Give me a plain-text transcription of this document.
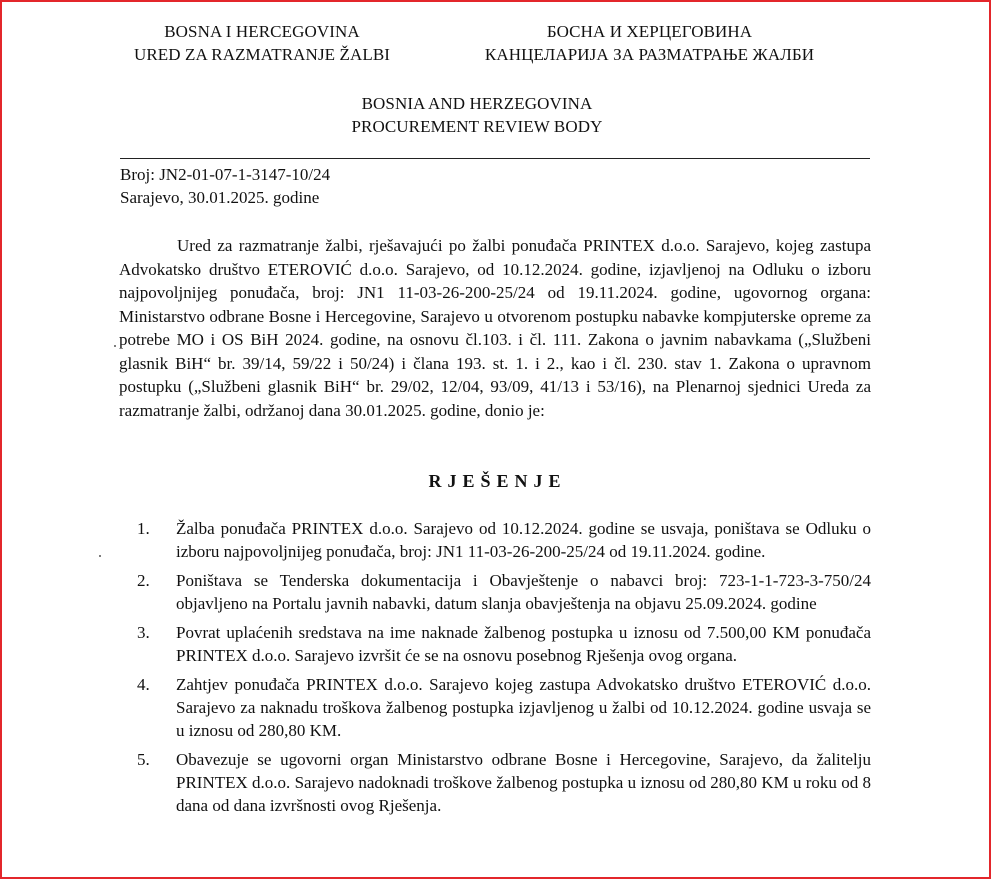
BOSNA I HERCEGOVINA
URED ZA RAZMATRANJE ŽALBI
БОСНА И ХЕРЦЕГОВИНА
КАНЦЕЛАРИЈА ЗА РАЗМАТРАЊЕ ЖАЛБИ
BOSNIA AND HERZEGOVINA
PROCUREMENT REVIEW BODY
Broj: JN2-01-07-1-3147-10/24
Sarajevo, 30.01.2025. godine
Ured za razmatranje žalbi, rješavajući po žalbi ponuđača PRINTEX d.o.o. Sarajevo, kojeg zastupa Advokatsko društvo ETEROVIĆ d.o.o. Sarajevo, od 10.12.2024. godine, izjavljenoj na Odluku o izboru najpovoljnijeg ponuđača, broj: JN1 11-03-26-200-25/24 od 19.11.2024. godine, ugovornog organa: Ministarstvo odbrane Bosne i Hercegovine, Sarajevo u otvorenom postupku nabavke kompjuterske opreme za potrebe MO i OS BiH 2024. godine, na osnovu čl.103. i čl. 111. Zakona o javnim nabavkama („Službeni glasnik BiH“ br. 39/14, 59/22 i 50/24) i člana 193. st. 1. i 2., kao i čl. 230. stav 1. Zakona o upravnom postupku („Službeni glasnik BiH“ br. 29/02, 12/04, 93/09, 41/13 i 53/16), na Plenarnoj sjednici Ureda za razmatranje žalbi, održanoj dana 30.01.2025. godine, donio je:
RJEŠENJE
1. Žalba ponuđača PRINTEX d.o.o. Sarajevo od 10.12.2024. godine se usvaja, poništava se Odluku o izboru najpovoljnijeg ponuđača, broj: JN1 11-03-26-200-25/24 od 19.11.2024. godine.
2. Poništava se Tenderska dokumentacija i Obavještenje o nabavci broj: 723-1-1-723-3-750/24 objavljeno na Portalu javnih nabavki, datum slanja obavještenja na objavu 25.09.2024. godine
3. Povrat uplaćenih sredstava na ime naknade žalbenog postupka u iznosu od 7.500,00 KM ponuđača PRINTEX d.o.o. Sarajevo izvršit će se na osnovu posebnog Rješenja ovog organa.
4. Zahtjev ponuđača PRINTEX d.o.o. Sarajevo kojeg zastupa Advokatsko društvo ETEROVIĆ d.o.o. Sarajevo za naknadu troškova žalbenog postupka izjavljenog u žalbi od 10.12.2024. godine usvaja se u iznosu od 280,80 KM.
5. Obavezuje se ugovorni organ Ministarstvo odbrane Bosne i Hercegovine, Sarajevo, da žalitelju PRINTEX d.o.o. Sarajevo nadoknadi troškove žalbenog postupka u iznosu od 280,80 KM u roku od 8 dana od dana izvršnosti ovog Rješenja.
